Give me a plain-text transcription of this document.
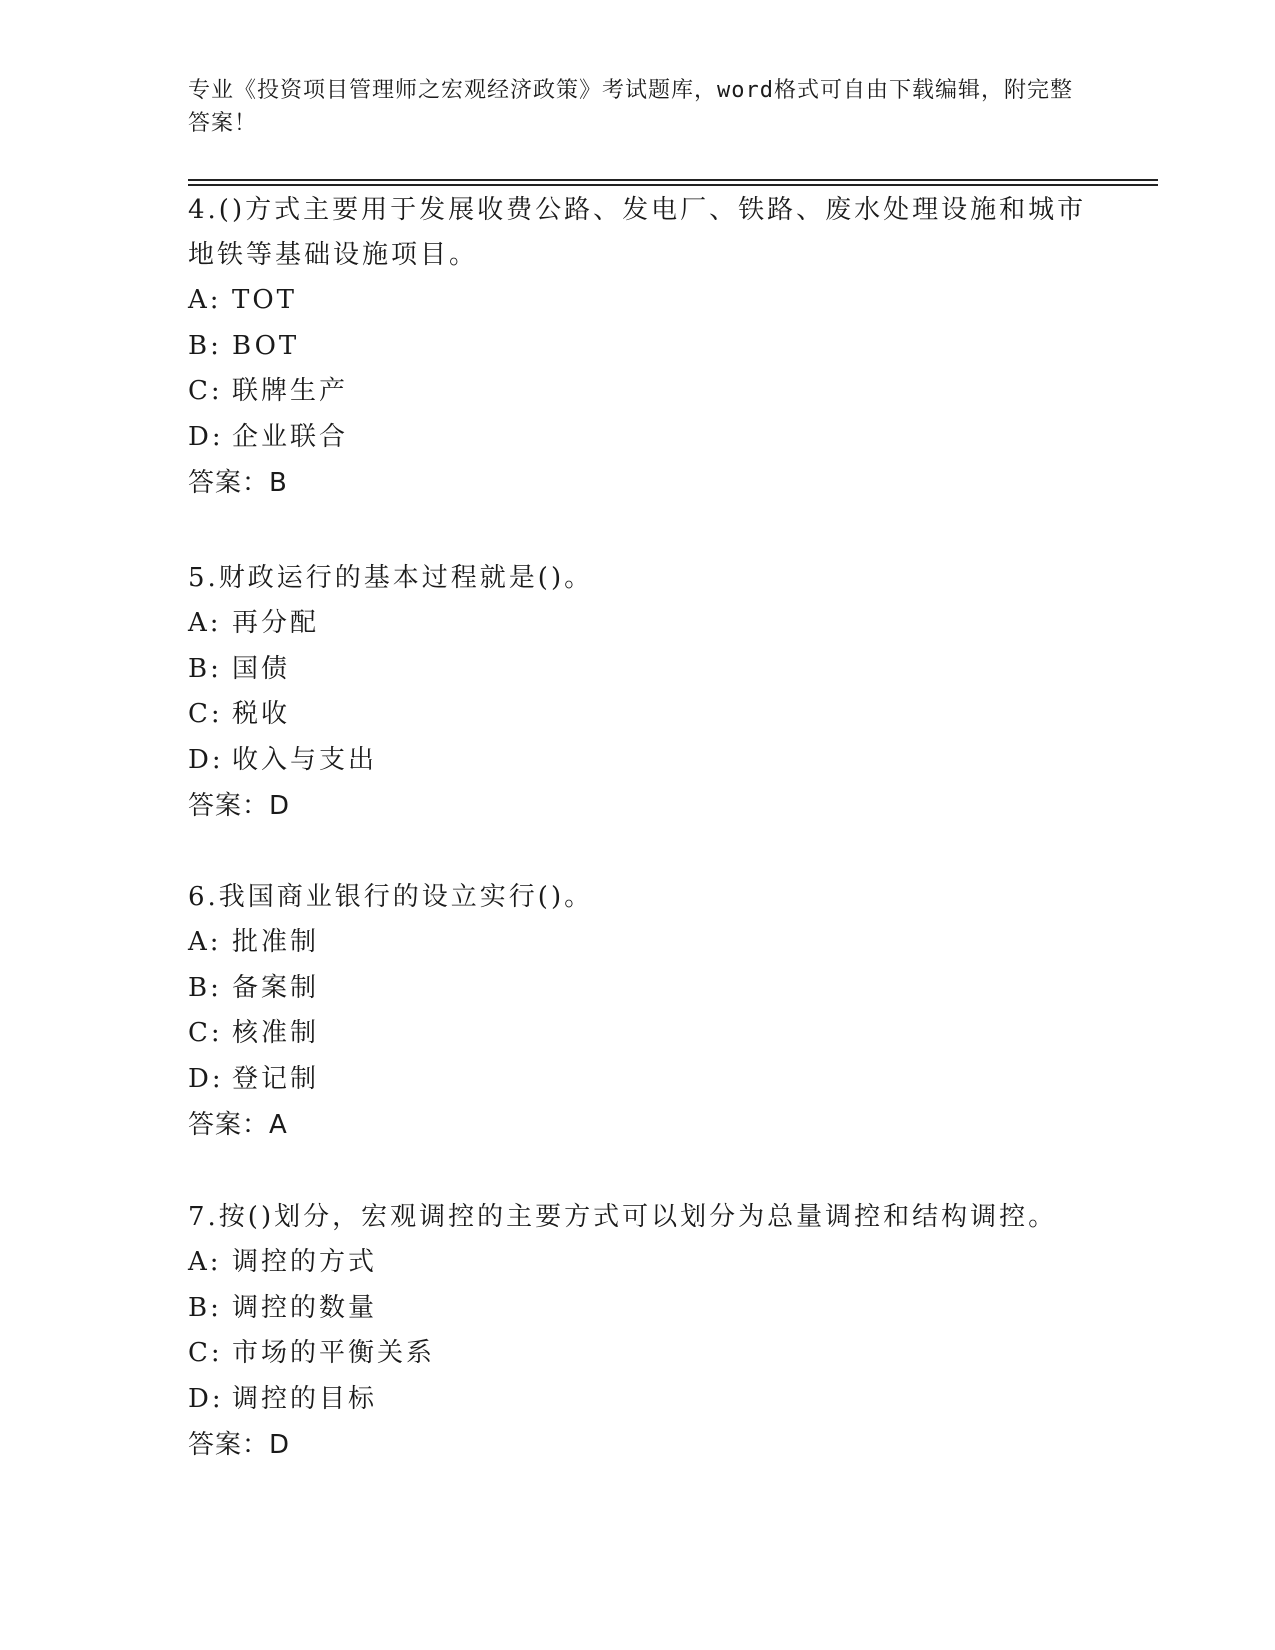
专业《投资项目管理师之宏观经济政策》考试题库，word格式可自由下载编辑，附完整答案！

4.()方式主要用于发展收费公路、发电厂、铁路、废水处理设施和城市地铁等基础设施项目。

A: TOT
B: BOT
C: 联牌生产
D: 企业联合
答案：B

5.财政运行的基本过程就是()。

A: 再分配
B: 国债
C: 税收
D: 收入与支出
答案：D

6.我国商业银行的设立实行()。

A: 批准制
B: 备案制
C: 核准制
D: 登记制
答案：A

7.按()划分，宏观调控的主要方式可以划分为总量调控和结构调控。

A: 调控的方式
B: 调控的数量
C: 市场的平衡关系
D: 调控的目标
答案：D
